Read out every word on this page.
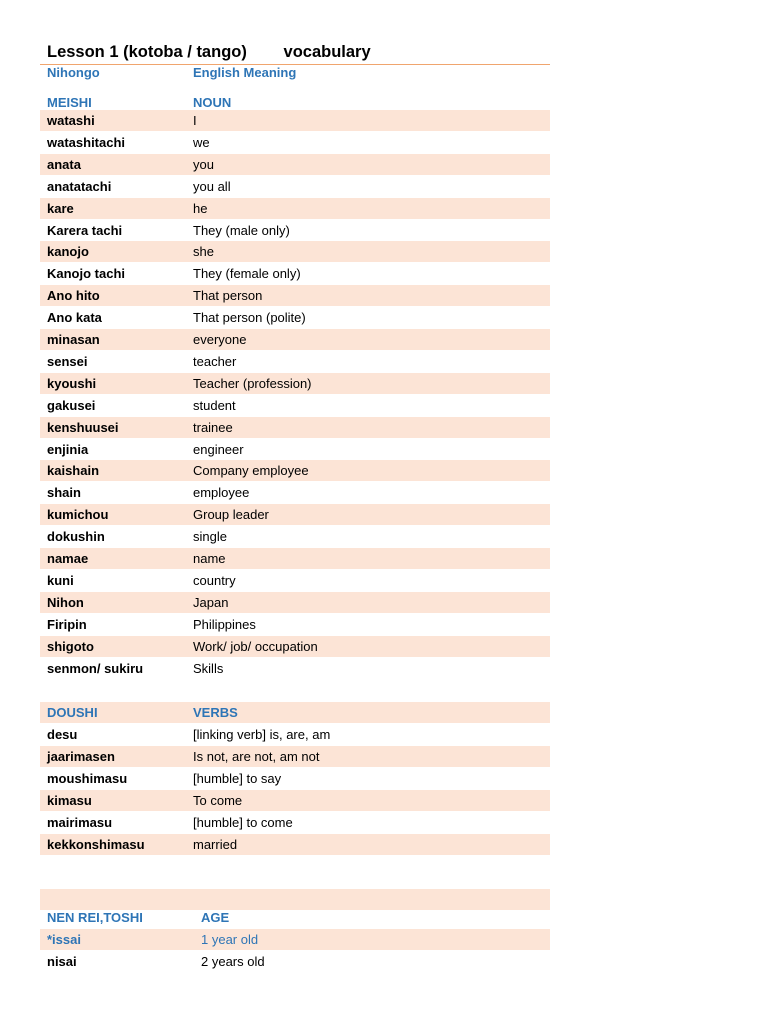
Lesson 1 (kotoba / tango)        vocabulary
Nihongo	English Meaning
MEISHI	NOUN
watashi	I
watashitachi	we
anata	you
anatatachi	you all
kare	he
Karera tachi	They (male only)
kanojo	she
Kanojo tachi	They (female only)
Ano hito	That person
Ano kata	That person (polite)
minasan	everyone
sensei	teacher
kyoushi	Teacher (profession)
gakusei	student
kenshuusei	trainee
enjinia	engineer
kaishain	Company employee
shain	employee
kumichou	Group leader
dokushin	single
namae	name
kuni	country
Nihon	Japan
Firipin	Philippines
shigoto	Work/ job/ occupation
senmon/ sukiru	Skills
DOUSHI	VERBS
desu	[linking verb] is, are, am
jaarimasen	Is not, are not, am not
moushimasu	[humble] to say
kimasu	To come
mairimasu	[humble] to come
kekkonshimasu	married
NEN REI,TOSHI	AGE
*issai	1 year old
nisai	2 years old
